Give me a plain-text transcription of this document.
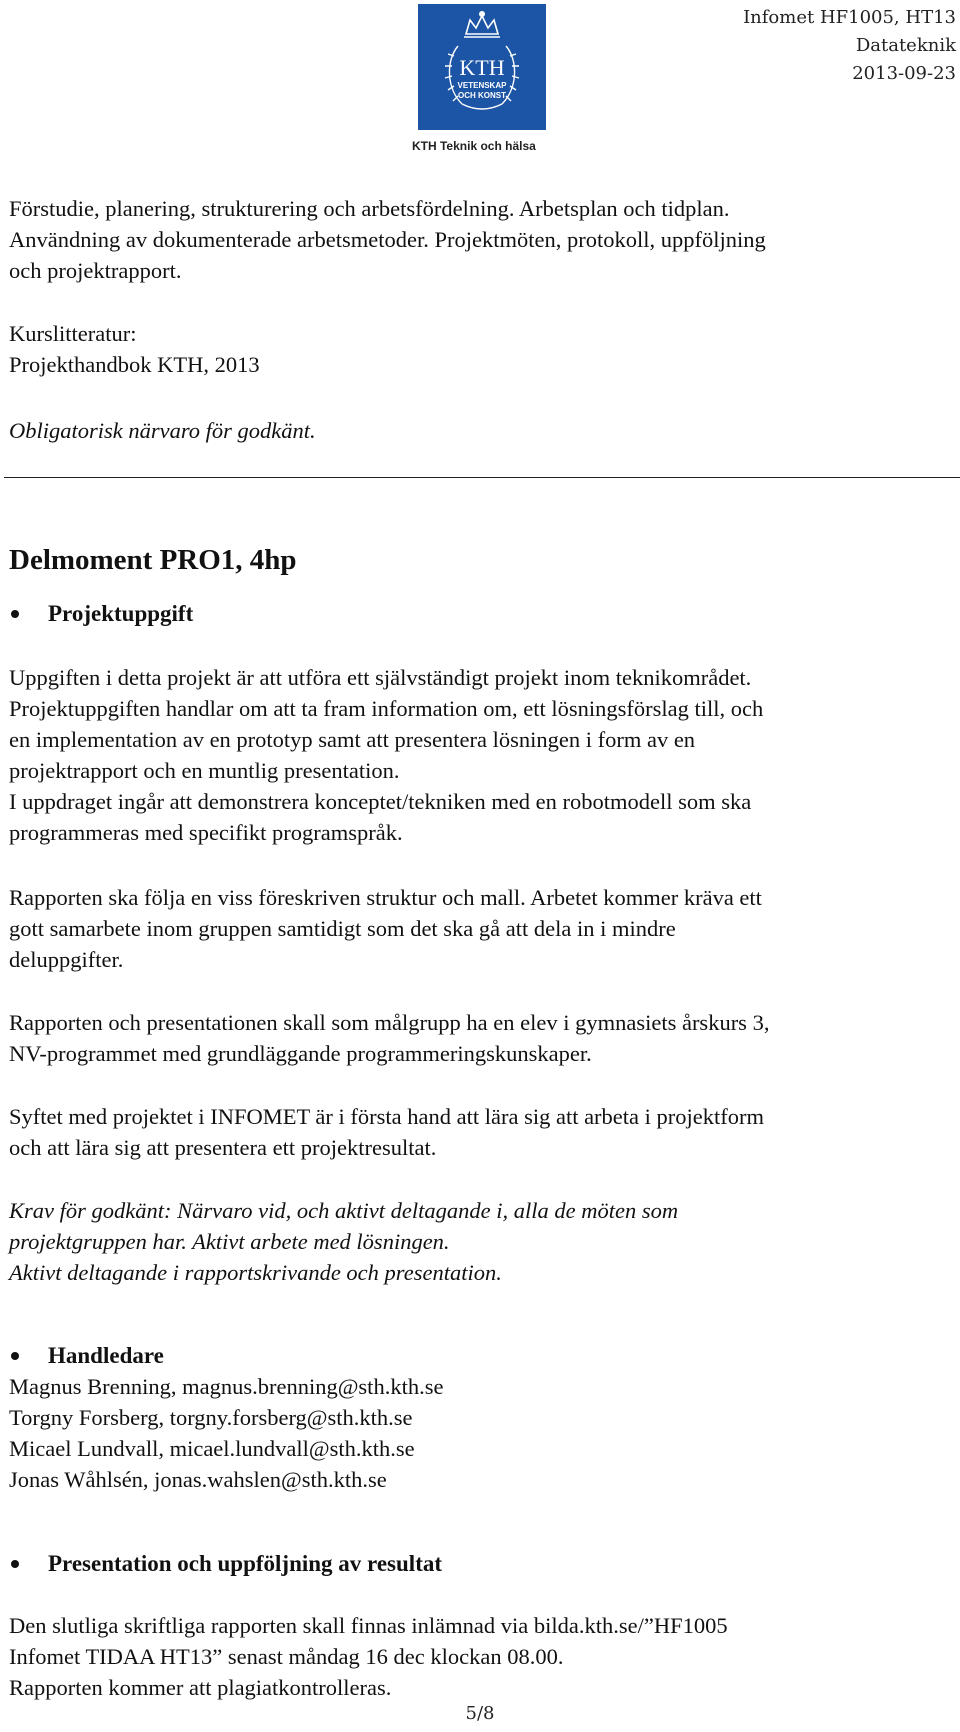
Infomet HF1005, HT13
Datateknik
2013-09-23
KTH
VETENSKAP
OCH KONST
KTH Teknik och hälsa

Förstudie, planering, strukturering och arbetsfördelning. Arbetsplan och tidplan.

Användning av dokumenterade arbetsmetoder. Projektmöten, protokoll, uppföljning

och projektrapport.

Kurslitteratur:

Projekthandbok KTH, 2013

Obligatorisk närvaro för godkänt.

Delmoment PRO1, 4hp
Projektuppgift

Uppgiften i detta projekt är att utföra ett självständigt projekt inom teknikområdet.

Projektuppgiften handlar om att ta fram information om, ett lösningsförslag till, och

en implementation av en prototyp samt att presentera lösningen i form av en

projektrapport och en muntlig presentation.

I uppdraget ingår att demonstrera konceptet/tekniken med en robotmodell som ska

programmeras med specifikt programspråk.

Rapporten ska följa en viss föreskriven struktur och mall. Arbetet kommer kräva ett

gott samarbete inom gruppen samtidigt som det ska gå att dela in i mindre

deluppgifter.

Rapporten och presentationen skall som målgrupp ha en elev i gymnasiets årskurs 3,

NV-programmet med grundläggande programmeringskunskaper.

Syftet med projektet i INFOMET är i första hand att lära sig att arbeta i projektform

och att lära sig att presentera ett projektresultat.

Krav för godkänt: Närvaro vid, och aktivt deltagande i, alla de möten som

projektgruppen har. Aktivt arbete med lösningen.

Aktivt deltagande i rapportskrivande och presentation.

Handledare

Magnus Brenning, magnus.brenning@sth.kth.se

Torgny Forsberg, torgny.forsberg@sth.kth.se

Micael Lundvall, micael.lundvall@sth.kth.se

Jonas Wåhlsén, jonas.wahslen@sth.kth.se

Presentation och uppföljning av resultat

Den slutliga skriftliga rapporten skall finnas inlämnad via bilda.kth.se/”HF1005

Infomet TIDAA HT13” senast måndag 16 dec klockan 08.00.

Rapporten kommer att plagiatkontrolleras.

5/8
